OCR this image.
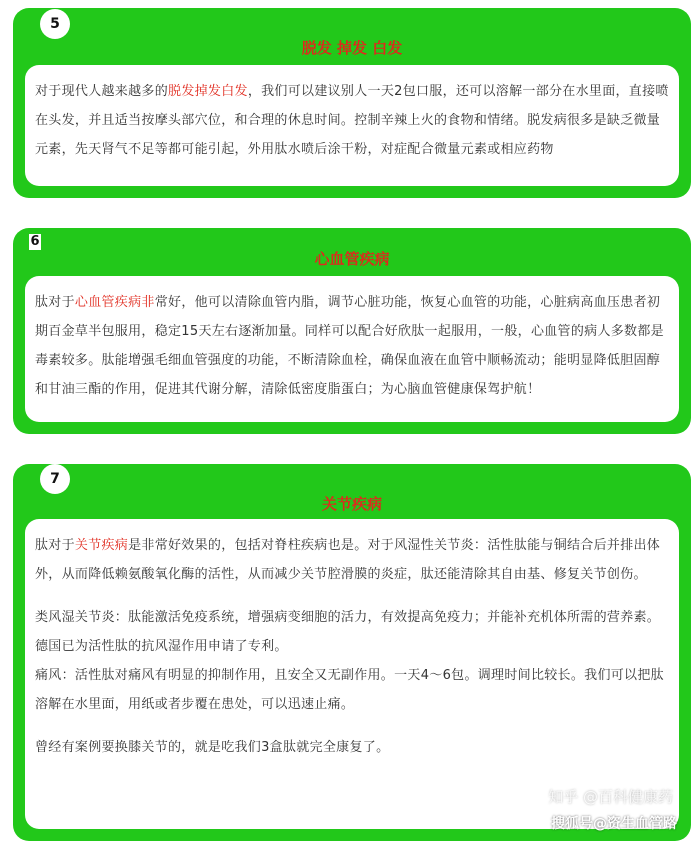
5
脱发 掉发 白发

对于现代人越来越多的脱发掉发白发，我们可以建议别人一天2包口服，还可以溶解一部分在水里面，直接喷在头发，并且适当按摩头部穴位，和合理的休息时间。控制辛辣上火的食物和情绪。脱发病很多是缺乏微量元素，先天肾气不足等都可能引起，外用肽水喷后涂干粉，对症配合微量元素或相应药物

6
心血管疾病

肽对于心血管疾病非常好，他可以清除血管内脂，调节心脏功能，恢复心血管的功能，心脏病高血压患者初期百金草半包服用，稳定15天左右逐渐加量。同样可以配合好欣肽一起服用，一般，心血管的病人多数都是毒素较多。肽能增强毛细血管强度的功能，不断清除血栓，确保血液在血管中顺畅流动；能明显降低胆固醇和甘油三酯的作用，促进其代谢分解，清除低密度脂蛋白；为心脑血管健康保驾护航！

7
关节疾病

肽对于关节疾病是非常好效果的，包括对脊柱疾病也是。对于风湿性关节炎：活性肽能与铜结合后并排出体外，从而降低赖氨酸氧化酶的活性，从而减少关节腔滑膜的炎症，肽还能清除其自由基、修复关节创伤。

类风湿关节炎：肽能激活免疫系统，增强病变细胞的活力，有效提高免疫力；并能补充机体所需的营养素。德国已为活性肽的抗风湿作用申请了专利。

痛风：活性肽对痛风有明显的抑制作用，且安全又无副作用。一天4～6包。调理时间比较长。我们可以把肽溶解在水里面，用纸或者步覆在患处，可以迅速止痛。

曾经有案例要换膝关节的，就是吃我们3盒肽就完全康复了。

知乎 @百科健康药
搜狐号@资生血管路
